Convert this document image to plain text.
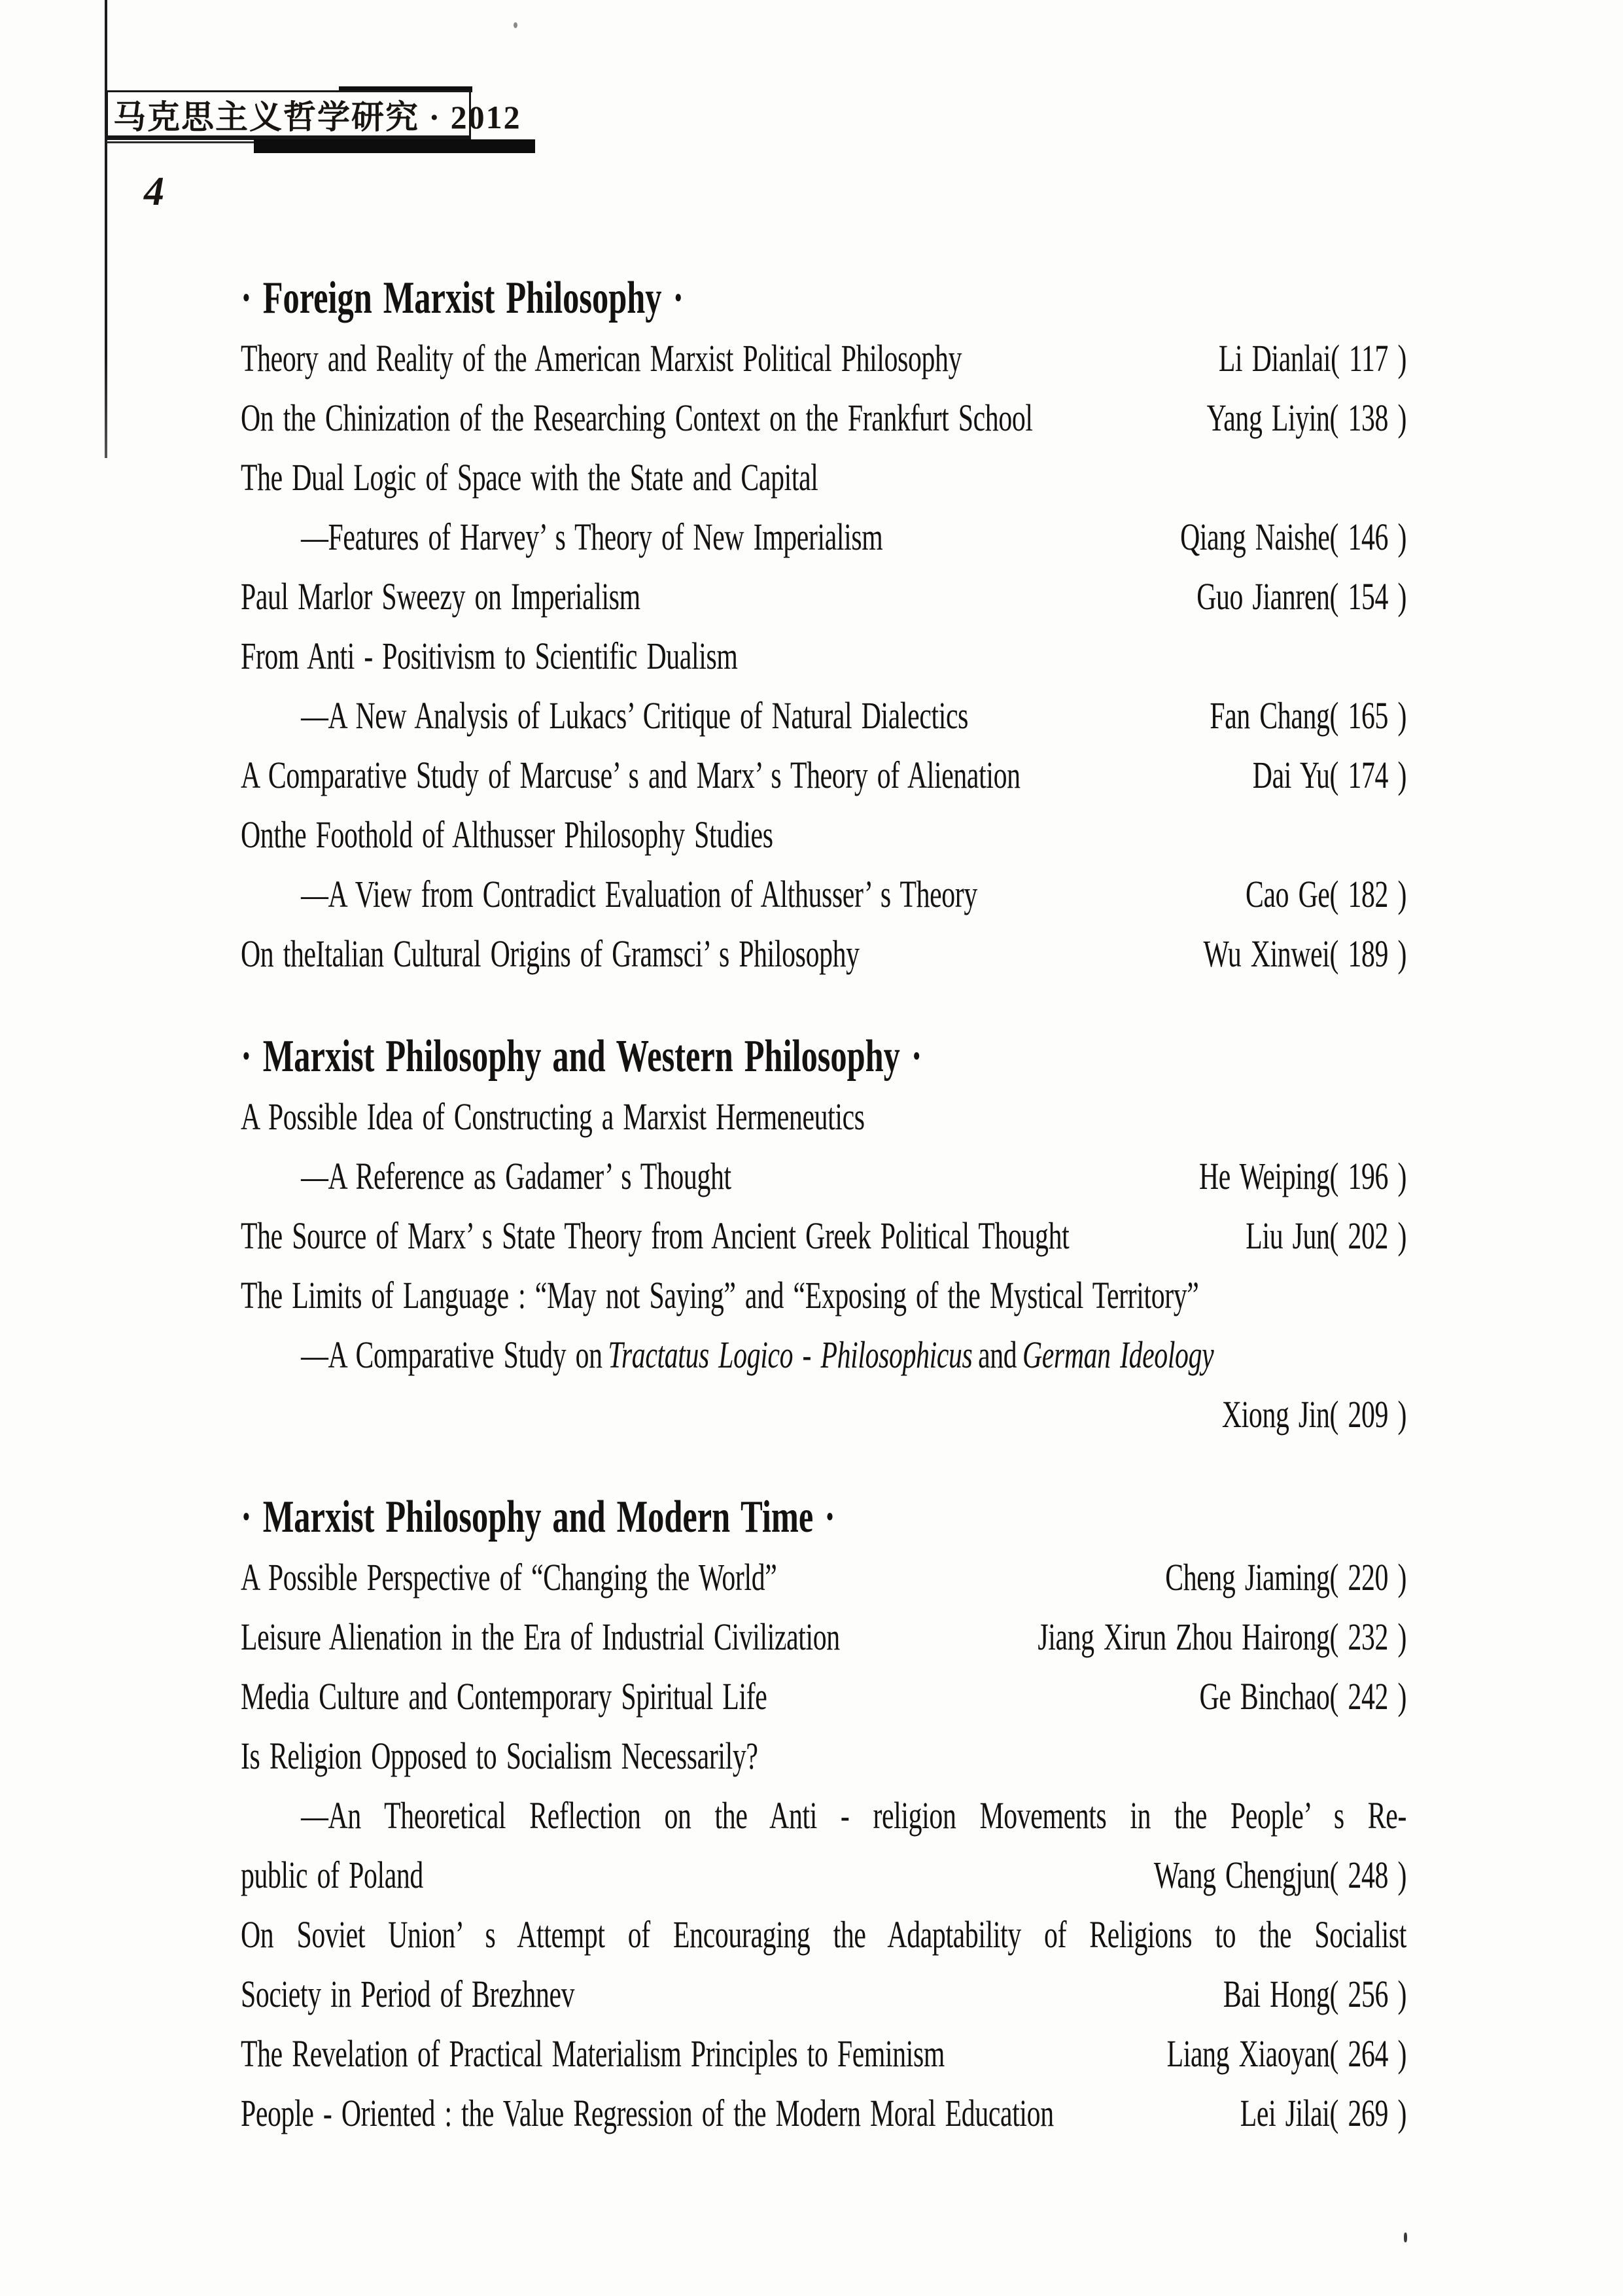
马克思主义哲学研究 · 2012
4
· Foreign Marxist Philosophy ·
Theory and Reality of the American Marxist Political Philosophy	Li Dianlai( 117 )
On the Chinization of the Researching Context on the Frankfurt School	Yang Liyin( 138 )
The Dual Logic of Space with the State and Capital
—Features of Harvey’ s Theory of New Imperialism	Qiang Naishe( 146 )
Paul Marlor Sweezy on Imperialism	Guo Jianren( 154 )
From Anti - Positivism to Scientific Dualism
—A New Analysis of Lukacs’ Critique of Natural Dialectics	Fan Chang( 165 )
A Comparative Study of Marcuse’ s and Marx’ s Theory of Alienation	Dai Yu( 174 )
Onthe Foothold of Althusser Philosophy Studies
—A View from Contradict Evaluation of Althusser’ s Theory	Cao Ge( 182 )
On theItalian Cultural Origins of Gramsci’ s Philosophy	Wu Xinwei( 189 )
· Marxist Philosophy and Western Philosophy ·
A Possible Idea of Constructing a Marxist Hermeneutics
—A Reference as Gadamer’ s Thought	He Weiping( 196 )
The Source of Marx’ s State Theory from Ancient Greek Political Thought	Liu Jun( 202 )
The Limits of Language : “May not Saying” and “Exposing of the Mystical Territory”
—A Comparative Study on Tractatus Logico - Philosophicus and German Ideology
Xiong Jin( 209 )
· Marxist Philosophy and Modern Time ·
A Possible Perspective of “Changing the World”	Cheng Jiaming( 220 )
Leisure Alienation in the Era of Industrial Civilization	Jiang Xirun Zhou Hairong( 232 )
Media Culture and Contemporary Spiritual Life	Ge Binchao( 242 )
Is Religion Opposed to Socialism Necessarily?
—An Theoretical Reflection on the Anti - religion Movements in the People’ s Re-
public of Poland	Wang Chengjun( 248 )
On Soviet Union’ s Attempt of Encouraging the Adaptability of Religions to the Socialist
Society in Period of Brezhnev	Bai Hong( 256 )
The Revelation of Practical Materialism Principles to Feminism	Liang Xiaoyan( 264 )
People - Oriented : the Value Regression of the Modern Moral Education	Lei Jilai( 269 )
